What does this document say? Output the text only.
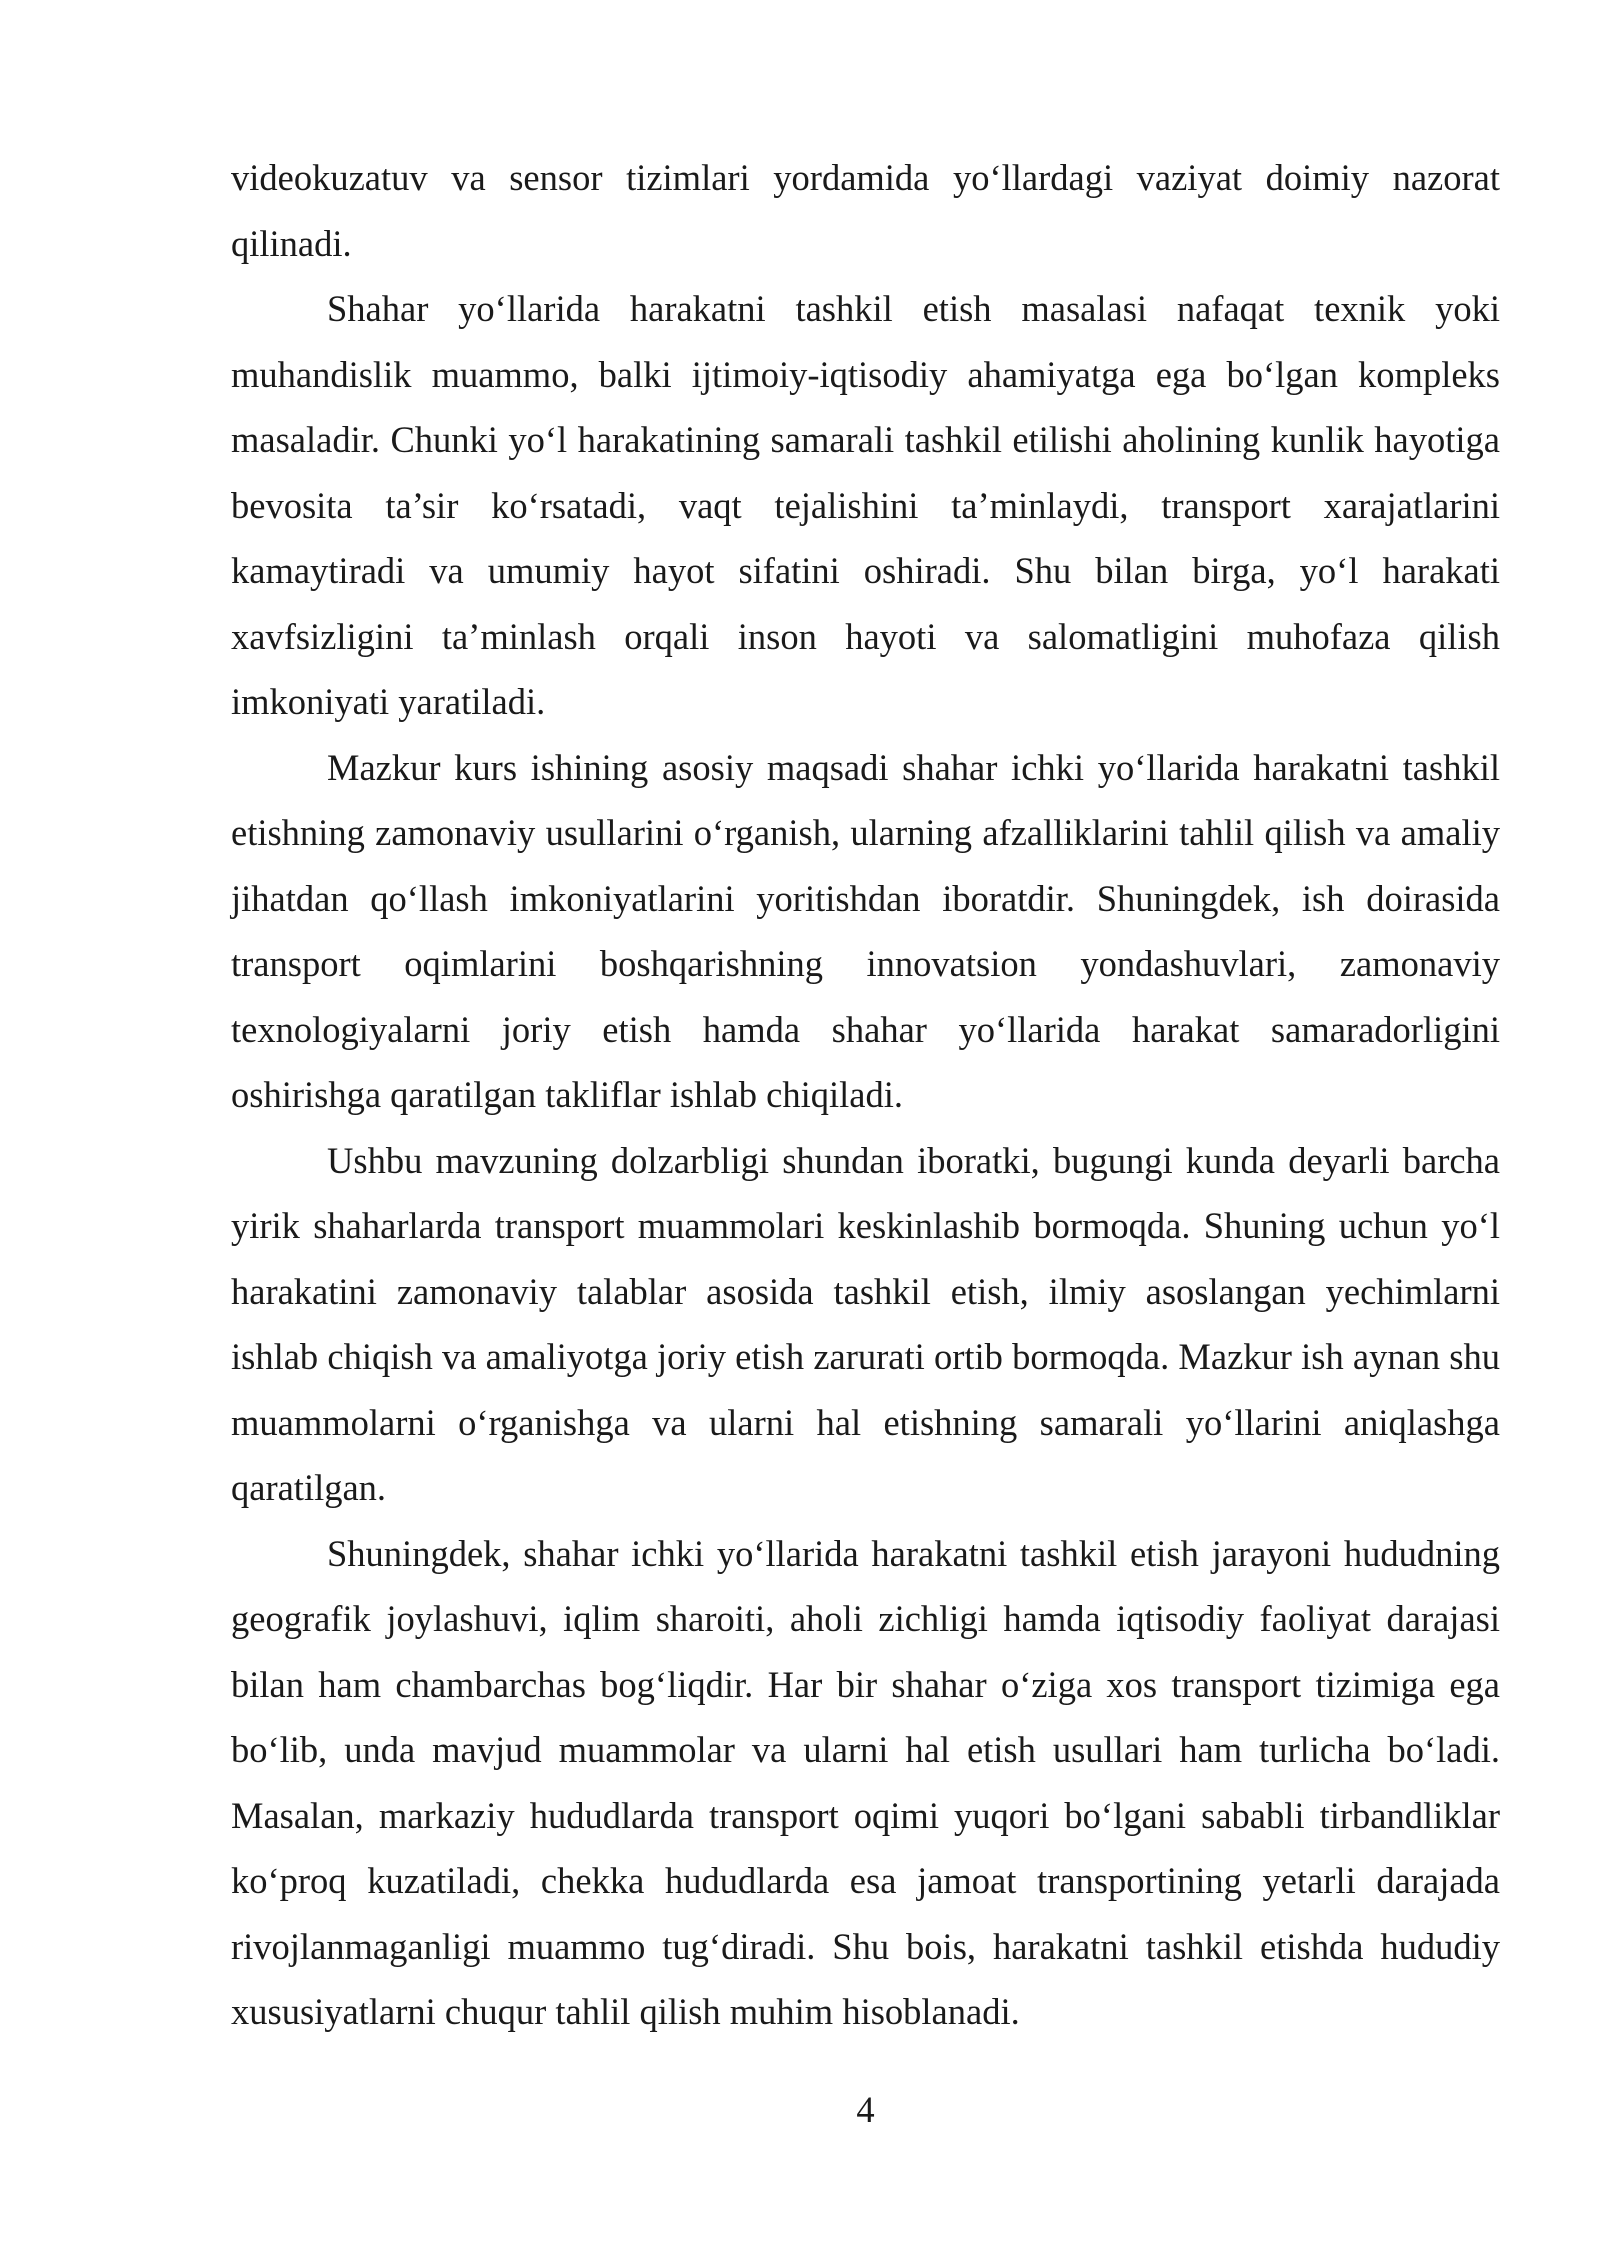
videokuzatuv va sensor tizimlari yordamida yo‘llardagi vaziyat doimiy nazorat qilinadi.

Shahar yo‘llarida harakatni tashkil etish masalasi nafaqat texnik yoki muhandislik muammo, balki ijtimoiy-iqtisodiy ahamiyatga ega bo‘lgan kompleks masaladir. Chunki yo‘l harakatining samarali tashkil etilishi aholining kunlik hayotiga bevosita ta’sir ko‘rsatadi, vaqt tejalishini ta’minlaydi, transport xarajatlarini kamaytiradi va umumiy hayot sifatini oshiradi. Shu bilan birga, yo‘l harakati xavfsizligini ta’minlash orqali inson hayoti va salomatligini muhofaza qilish imkoniyati yaratiladi.

Mazkur kurs ishining asosiy maqsadi shahar ichki yo‘llarida harakatni tashkil etishning zamonaviy usullarini o‘rganish, ularning afzalliklarini tahlil qilish va amaliy jihatdan qo‘llash imkoniyatlarini yoritishdan iboratdir. Shuningdek, ish doirasida transport oqimlarini boshqarishning innovatsion yondashuvlari, zamonaviy texnologiyalarni joriy etish hamda shahar yo‘llarida harakat samaradorligini oshirishga qaratilgan takliflar ishlab chiqiladi.

Ushbu mavzuning dolzarbligi shundan iboratki, bugungi kunda deyarli barcha yirik shaharlarda transport muammolari keskinlashib bormoqda. Shuning uchun yo‘l harakatini zamonaviy talablar asosida tashkil etish, ilmiy asoslangan yechimlarni ishlab chiqish va amaliyotga joriy etish zarurati ortib bormoqda. Mazkur ish aynan shu muammolarni o‘rganishga va ularni hal etishning samarali yo‘llarini aniqlashga qaratilgan.

Shuningdek, shahar ichki yo‘llarida harakatni tashkil etish jarayoni hududning geografik joylashuvi, iqlim sharoiti, aholi zichligi hamda iqtisodiy faoliyat darajasi bilan ham chambarchas bog‘liqdir. Har bir shahar o‘ziga xos transport tizimiga ega bo‘lib, unda mavjud muammolar va ularni hal etish usullari ham turlicha bo‘ladi. Masalan, markaziy hududlarda transport oqimi yuqori bo‘lgani sababli tirbandliklar ko‘proq kuzatiladi, chekka hududlarda esa jamoat transportining yetarli darajada rivojlanmaganligi muammo tug‘diradi. Shu bois, harakatni tashkil etishda hududiy xususiyatlarni chuqur tahlil qilish muhim hisoblanadi.

4
